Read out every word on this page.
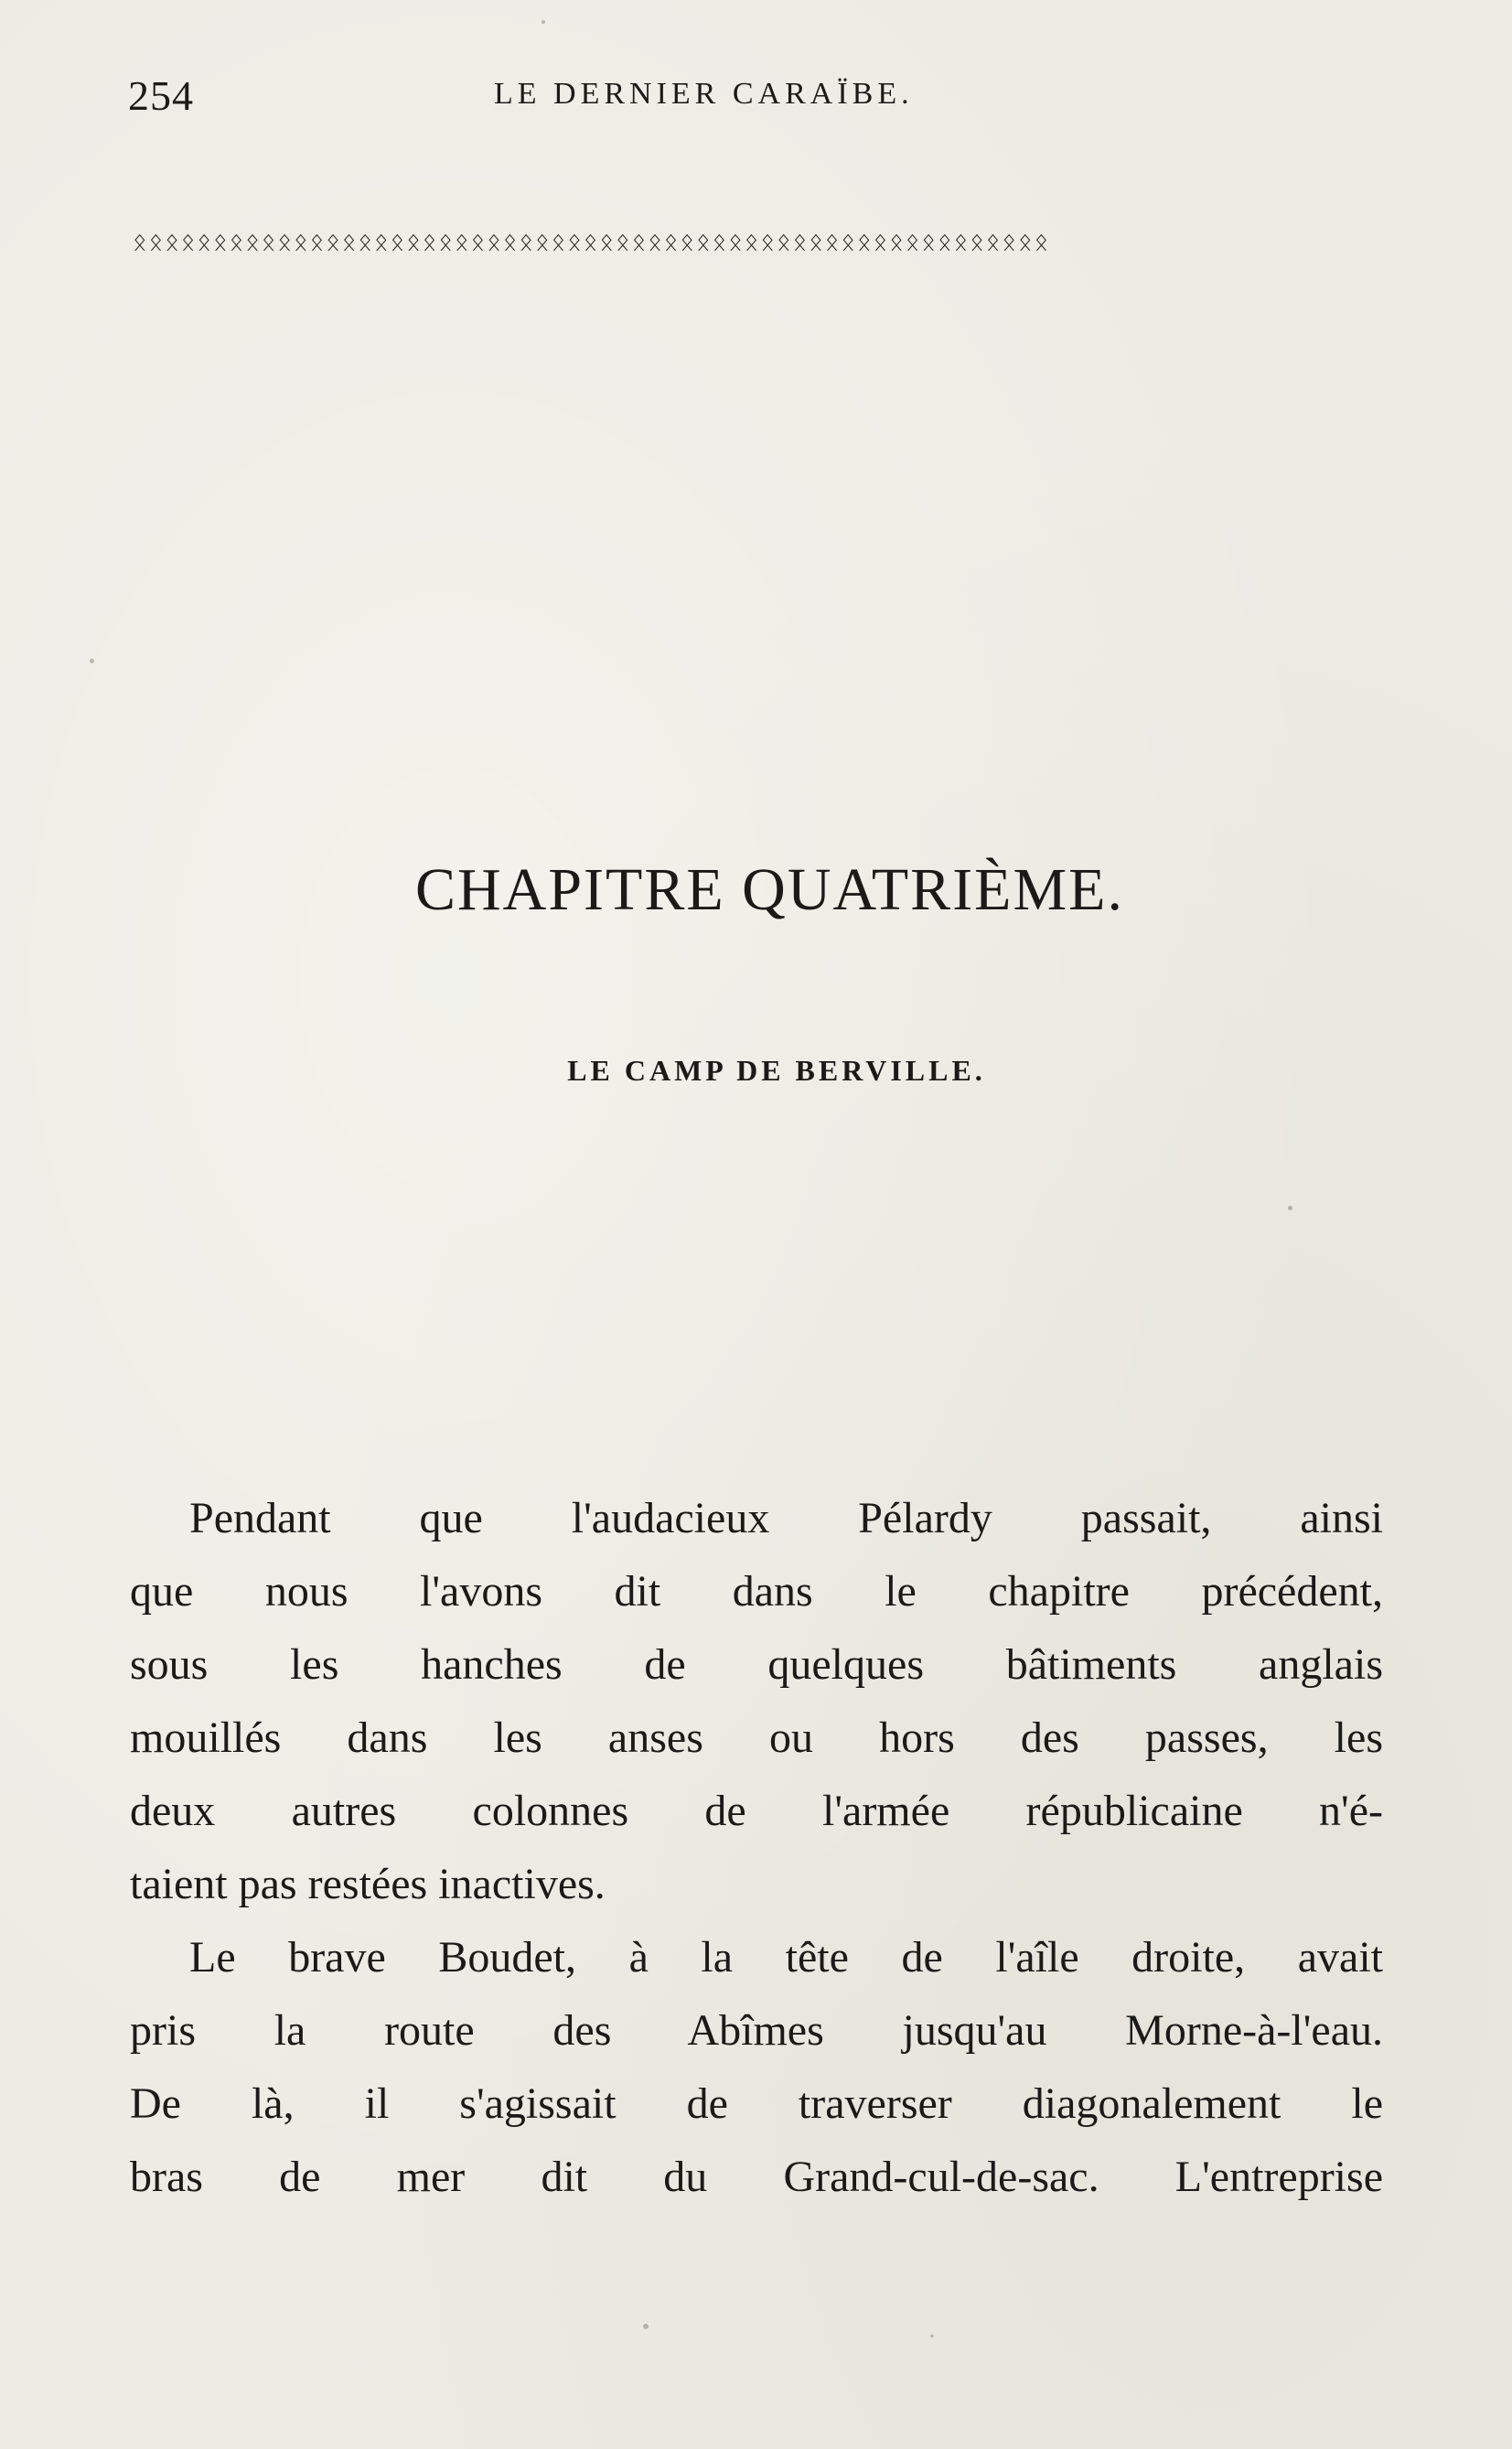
254	LE DERNIER CARAÏBE.
ᛟᛟᛟᛟᛟᛟᛟᛟᛟᛟᛟᛟᛟᛟᛟᛟᛟᛟᛟᛟᛟᛟᛟᛟᛟᛟᛟᛟᛟᛟᛟᛟᛟᛟᛟᛟᛟᛟᛟᛟᛟᛟᛟᛟᛟᛟᛟᛟᛟᛟᛟᛟᛟᛟᛟᛟᛟ
CHAPITRE QUATRIÈME.
LE CAMP DE BERVILLE.
Pendant que l'audacieux Pélardy passait, ainsi
que nous l'avons dit dans le chapitre précédent,
sous les hanches de quelques bâtiments anglais
mouillés dans les anses ou hors des passes, les
deux autres colonnes de l'armée républicaine n'é-
taient pas restées inactives.
Le brave Boudet, à la tête de l'aîle droite, avait
pris la route des Abîmes jusqu'au Morne-à-l'eau.
De là, il s'agissait de traverser diagonalement le
bras de mer dit du Grand-cul-de-sac. L'entreprise
